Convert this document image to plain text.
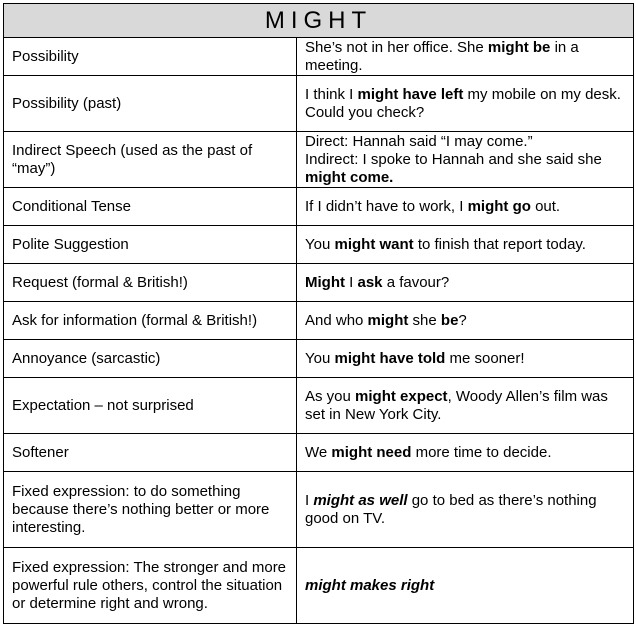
MIGHT	
Possibility	She’s not in her office. She might be in a meeting.
Possibility (past)	I think I might have left my mobile on my desk. Could you check?
Indirect Speech (used as the past of “may”)	Direct: Hannah said “I may come.”
Indirect: I spoke to Hannah and she said she might come.
Conditional Tense	If I didn’t have to work, I might go out.
Polite Suggestion	You might want to finish that report today.
Request (formal & British!)	Might I ask a favour?
Ask for information (formal & British!)	And who might she be?
Annoyance (sarcastic)	You might have told me sooner!
Expectation – not surprised	As you might expect, Woody Allen’s film was set in New York City.
Softener	We might need more time to decide.
Fixed expression: to do something because there’s nothing better or more interesting.	I might as well go to bed as there’s nothing good on TV.
Fixed expression: The stronger and more powerful rule others, control the situation or determine right and wrong.	might makes right
